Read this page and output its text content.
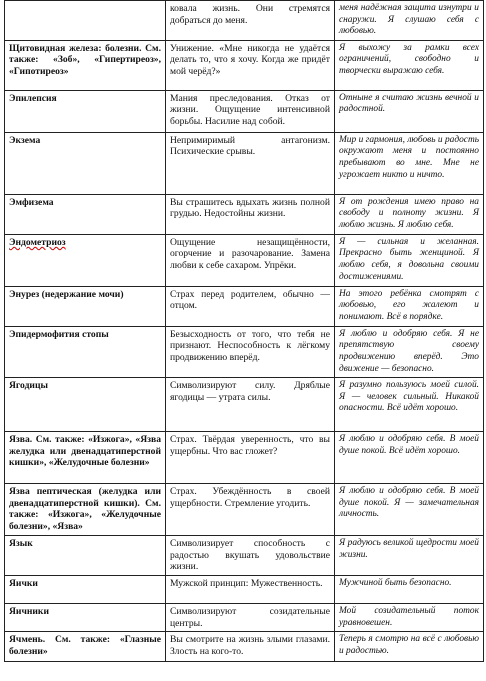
	ковала жизнь. Они стремятся добраться до меня.	меня надёжная защита изнутри и снаружи. Я слушаю себя с любовью.
Щитовидная железа: болезни. См. также: «Зоб», «Гипертиреоз», «Гипотиреоз»	Унижение. «Мне никогда не удаётся делать то, что я хочу. Когда же придёт мой черёд?»	Я выхожу за рамки всех ограничений, свободно и творчески выражаю себя.
Эпилепсия	Мания преследования. Отказ от жизни. Ощущение интенсивной борьбы. Насилие над собой.	Отныне я считаю жизнь вечной и радостной.
Экзема	Непримиримый антагонизм. Психические срывы.	Мир и гармония, любовь и радость окружают меня и постоянно пребывают во мне. Мне не угрожает никто и ничто.
Эмфизема	Вы страшитесь вдыхать жизнь полной грудью. Недостойны жизни.	Я от рождения имею право на свободу и полноту жизни. Я люблю жизнь. Я люблю себя.
Эндометриоз	Ощущение незащищённости, огорчение и разочарование. Замена любви к себе сахаром. Упрёки.	Я — сильная и желанная. Прекрасно быть женщиной. Я люблю себя, я довольна своими достижениями.
Энурез (недержание мочи)	Страх перед родителем, обычно — отцом.	На этого ребёнка смотрят с любовью, его жалеют и понимают. Всё в порядке.
Эпидермофития стопы	Безысходность от того, что тебя не признают. Неспособность к лёгкому продвижению вперёд.	Я люблю и одобряю себя. Я не препятствую своему продвижению вперёд. Это движение — безопасно.
Ягодицы	Символизируют силу. Дряблые ягодицы — утрата силы.	Я разумно пользуюсь моей силой. Я — человек сильный. Никакой опасности. Всё идёт хорошо.
Язва. См. также: «Изжога», «Язва желудка или двенадцатиперстной кишки», «Желудочные болезни»	Страх. Твёрдая уверенность, что вы ущербны. Что вас гложет?	Я люблю и одобряю себя. В моей душе покой. Всё идёт хорошо.
Язва пептическая (желудка или двенадцатиперстной кишки). См. также: «Изжога», «Желудочные болезни», «Язва»	Страх. Убеждённость в своей ущербности. Стремление угодить.	Я люблю и одобряю себя. В моей душе покой. Я — замечательная личность.
Язык	Символизирует способность с радостью вкушать удовольствие жизни.	Я радуюсь великой щедрости моей жизни.
Яички	Мужской принцип: Мужественность.	Мужчиной быть безопасно.
Яичники	Символизируют созидательные центры.	Мой созидательный поток уравновешен.
Ячмень. См. также: «Глазные болезни»	Вы смотрите на жизнь злыми глазами. Злость на кого-то.	Теперь я смотрю на всё с любовью и радостью.
